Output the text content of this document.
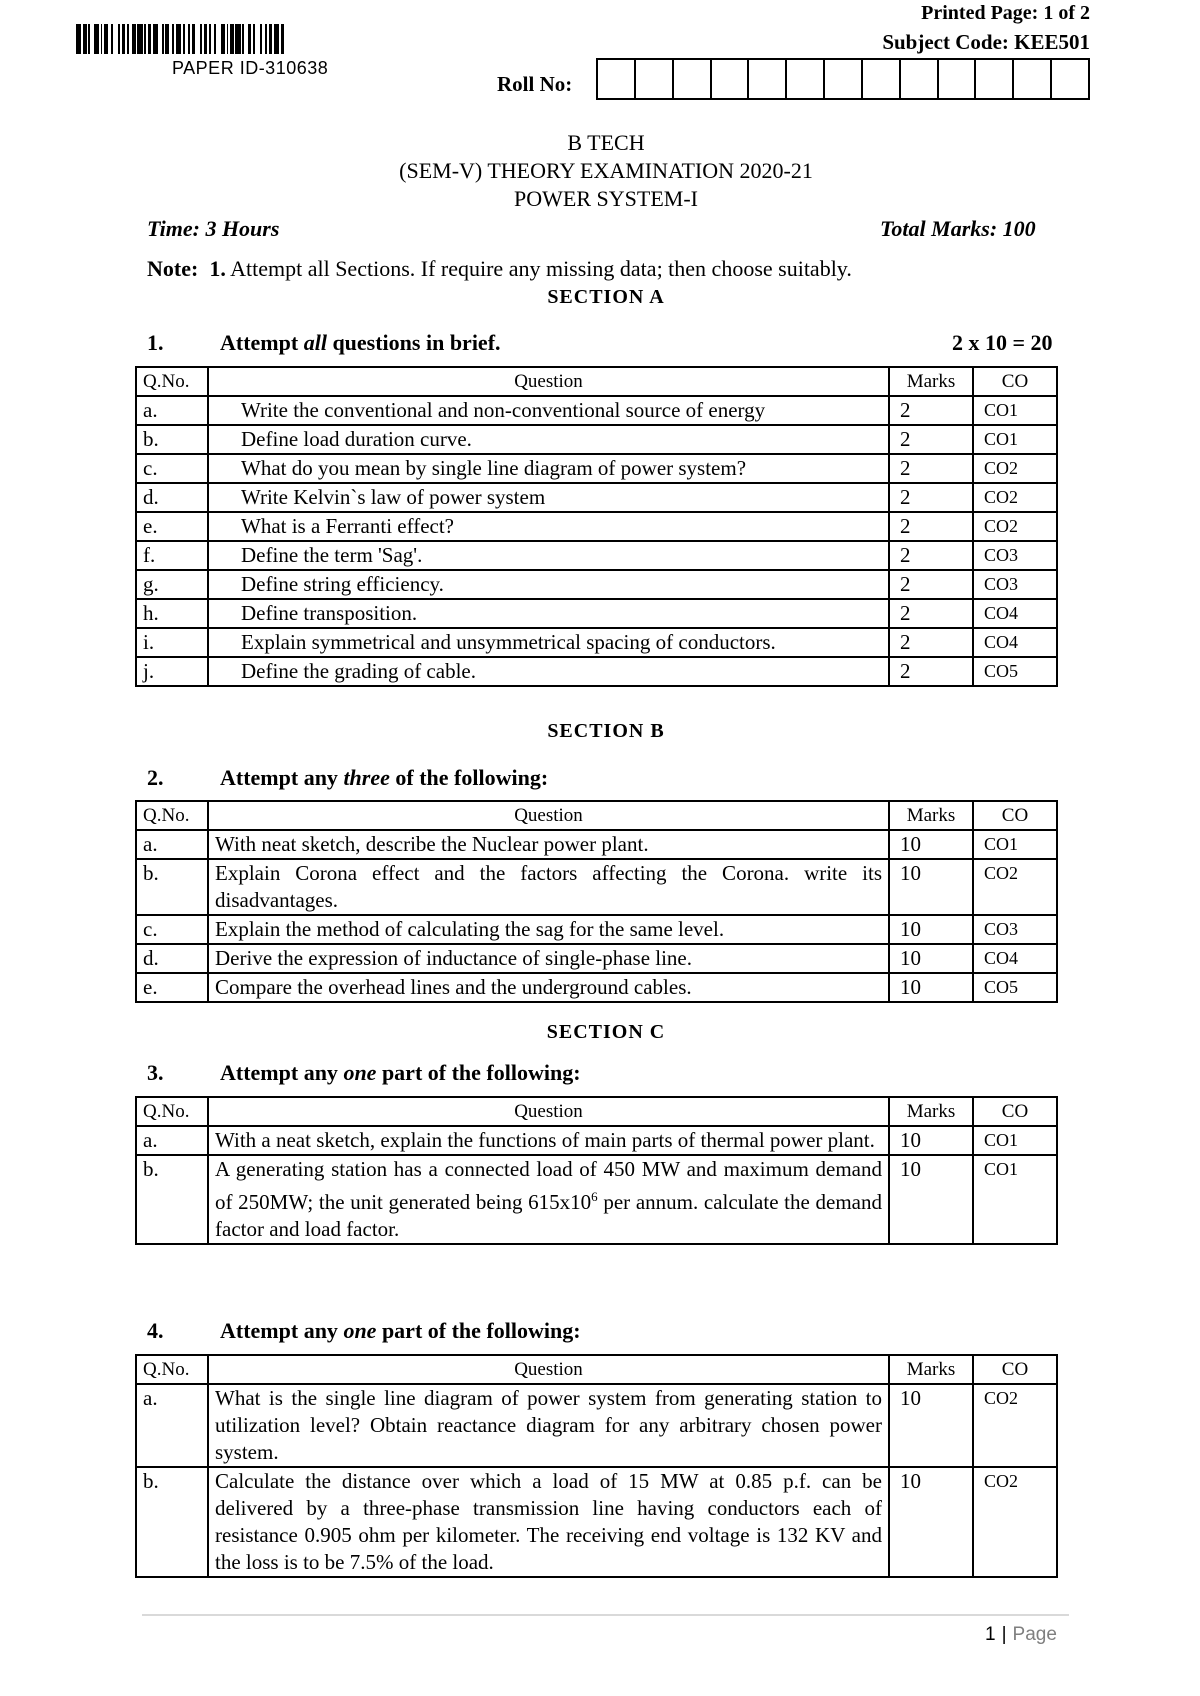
PAPER ID-310638
Printed Page: 1 of 2
Subject Code: KEE501
Roll No:
B TECH
(SEM-V) THEORY EXAMINATION 2020-21
POWER SYSTEM-I
Time: 3 Hours	Total Marks: 100
Note: 1. Attempt all Sections. If require any missing data; then choose suitably.
SECTION A
1.	Attempt all questions in brief.	2 x 10 = 20
Q.No.	Question	Marks	CO
a.	Write the conventional and non-conventional source of energy	2	CO1
b.	Define load duration curve.	2	CO1
c.	What do you mean by single line diagram of power system?	2	CO2
d.	Write Kelvin`s law of power system	2	CO2
e.	What is a Ferranti effect?	2	CO2
f.	Define the term 'Sag'.	2	CO3
g.	Define string efficiency.	2	CO3
h.	Define transposition.	2	CO4
i.	Explain symmetrical and unsymmetrical spacing of conductors.	2	CO4
j.	Define the grading of cable.	2	CO5
SECTION B
2.	Attempt any three of the following:
Q.No.	Question	Marks	CO
a.	With neat sketch, describe the Nuclear power plant.	10	CO1
b.	Explain Corona effect and the factors affecting the Corona. write its disadvantages.	10	CO2
c.	Explain the method of calculating the sag for the same level.	10	CO3
d.	Derive the expression of inductance of single-phase line.	10	CO4
e.	Compare the overhead lines and the underground cables.	10	CO5
SECTION C
3.	Attempt any one part of the following:
Q.No.	Question	Marks	CO
a.	With a neat sketch, explain the functions of main parts of thermal power plant.	10	CO1
b.	A generating station has a connected load of 450 MW and maximum demand of 250MW; the unit generated being $615x10^6$ per annum. calculate the demand factor and load factor.	10	CO1
4.	Attempt any one part of the following:
Q.No.	Question	Marks	CO
a.	What is the single line diagram of power system from generating station to utilization level? Obtain reactance diagram for any arbitrary chosen power system.	10	CO2
b.	Calculate the distance over which a load of 15 MW at 0.85 p.f. can be delivered by a three-phase transmission line having conductors each of resistance 0.905 ohm per kilometer. The receiving end voltage is 132 KV and the loss is to be 7.5% of the load.	10	CO2
1 | Page
